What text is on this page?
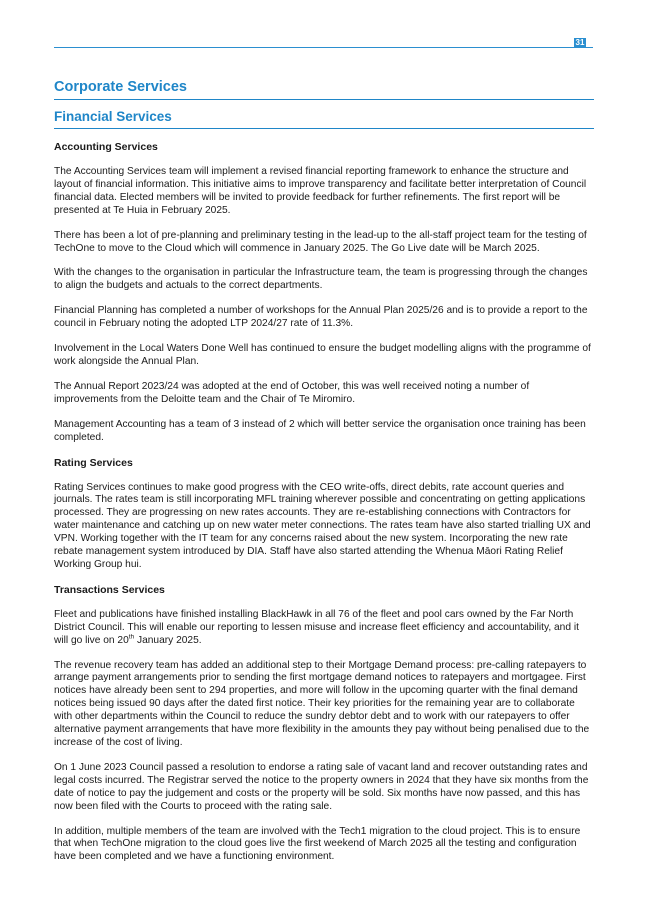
31
Corporate Services
Financial Services
Accounting Services

The Accounting Services team will implement a revised financial reporting framework to enhance the structure and layout of financial information. This initiative aims to improve transparency and facilitate better interpretation of Council financial data. Elected members will be invited to provide feedback for further refinements. The first report will be presented at Te Huia in February 2025.

There has been a lot of pre-planning and preliminary testing in the lead-up to the all-staff project team for the testing of TechOne to move to the Cloud which will commence in January 2025. The Go Live date will be March 2025.

With the changes to the organisation in particular the Infrastructure team, the team is progressing through the changes to align the budgets and actuals to the correct departments.

Financial Planning has completed a number of workshops for the Annual Plan 2025/26 and is to provide a report to the council in February noting the adopted LTP 2024/27 rate of 11.3%.

Involvement in the Local Waters Done Well has continued to ensure the budget modelling aligns with the programme of work alongside the Annual Plan.

The Annual Report 2023/24 was adopted at the end of October, this was well received noting a number of improvements from the Deloitte team and the Chair of Te Miromiro.

Management Accounting has a team of 3 instead of 2 which will better service the organisation once training has been completed.

Rating Services

Rating Services continues to make good progress with the CEO write-offs, direct debits, rate account queries and journals. The rates team is still incorporating MFL training wherever possible and concentrating on getting applications processed. They are progressing on new rates accounts. They are re-establishing connections with Contractors for water maintenance and catching up on new water meter connections. The rates team have also started trialling UX and VPN. Working together with the IT team for any concerns raised about the new system. Incorporating the new rate rebate management system introduced by DIA. Staff have also started attending the Whenua Māori Rating Relief Working Group hui.

Transactions Services

Fleet and publications have finished installing BlackHawk in all 76 of the fleet and pool cars owned by the Far North District Council. This will enable our reporting to lessen misuse and increase fleet efficiency and accountability, and it will go live on 20th January 2025.

The revenue recovery team has added an additional step to their Mortgage Demand process: pre-calling ratepayers to arrange payment arrangements prior to sending the first mortgage demand notices to ratepayers and mortgagee. First notices have already been sent to 294 properties, and more will follow in the upcoming quarter with the final demand notices being issued 90 days after the dated first notice. Their key priorities for the remaining year are to collaborate with other departments within the Council to reduce the sundry debtor debt and to work with our ratepayers to offer alternative payment arrangements that have more flexibility in the amounts they pay without being penalised due to the increase of the cost of living.

On 1 June 2023 Council passed a resolution to endorse a rating sale of vacant land and recover outstanding rates and legal costs incurred. The Registrar served the notice to the property owners in 2024 that they have six months from the date of notice to pay the judgement and costs or the property will be sold. Six months have now passed, and this has now been filed with the Courts to proceed with the rating sale.

In addition, multiple members of the team are involved with the Tech1 migration to the cloud project. This is to ensure that when TechOne migration to the cloud goes live the first weekend of March 2025 all the testing and configuration have been completed and we have a functioning environment.
